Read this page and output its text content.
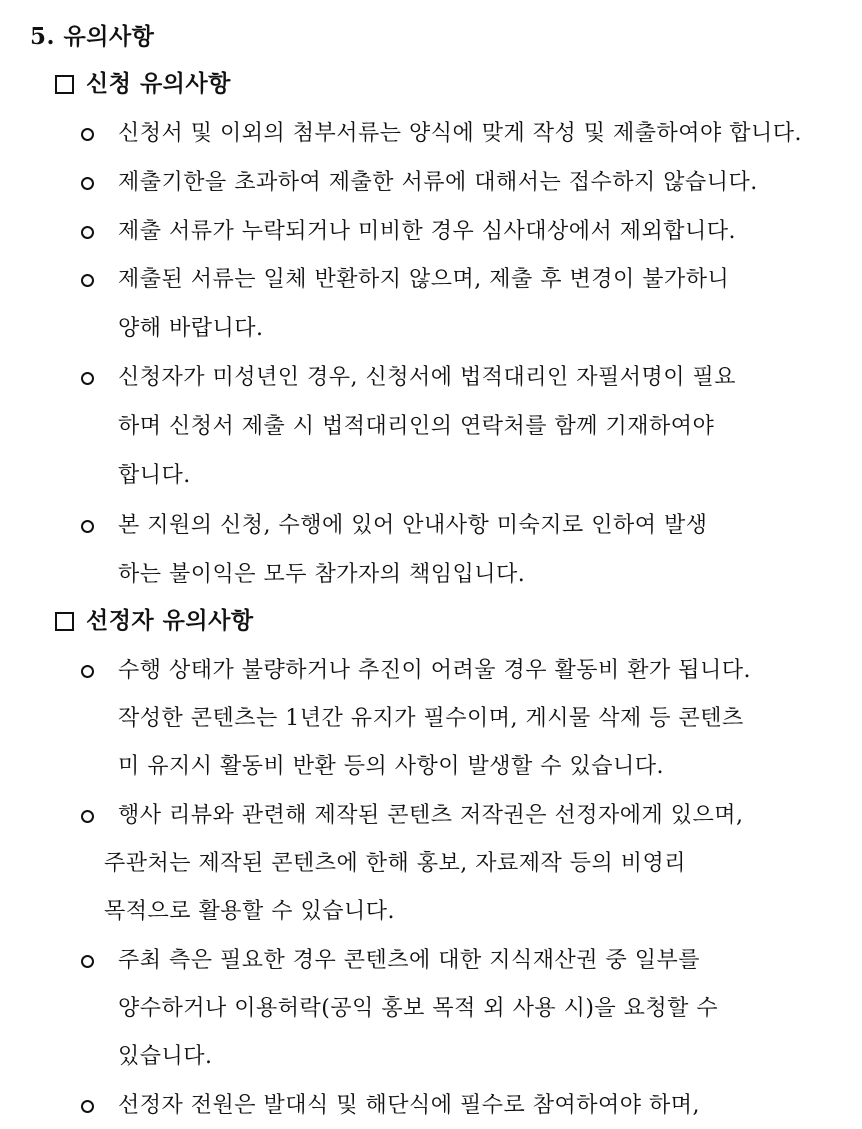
5. 유의사항
신청 유의사항
신청서 및 이외의 첨부서류는 양식에 맞게 작성 및 제출하여야 합니다.
제출기한을 초과하여 제출한 서류에 대해서는 접수하지 않습니다.
제출 서류가 누락되거나 미비한 경우 심사대상에서 제외합니다.
제출된 서류는 일체 반환하지 않으며, 제출 후 변경이 불가하니
양해 바랍니다.
신청자가 미성년인 경우, 신청서에 법적대리인 자필서명이 필요
하며 신청서 제출 시 법적대리인의 연락처를 함께 기재하여야
합니다.
본 지원의 신청, 수행에 있어 안내사항 미숙지로 인하여 발생
하는 불이익은 모두 참가자의 책임입니다.
선정자 유의사항
수행 상태가 불량하거나 추진이 어려울 경우 활동비 환가 됩니다.
작성한 콘텐츠는 1년간 유지가 필수이며, 게시물 삭제 등 콘텐츠
미 유지시 활동비 반환 등의 사항이 발생할 수 있습니다.
행사 리뷰와 관련해 제작된 콘텐츠 저작권은 선정자에게 있으며,
주관처는 제작된 콘텐츠에 한해 홍보, 자료제작 등의 비영리
목적으로 활용할 수 있습니다.
주최 측은 필요한 경우 콘텐츠에 대한 지식재산권 중 일부를
양수하거나 이용허락(공익 홍보 목적 외 사용 시)을 요청할 수
있습니다.
선정자 전원은 발대식 및 해단식에 필수로 참여하여야 하며,
